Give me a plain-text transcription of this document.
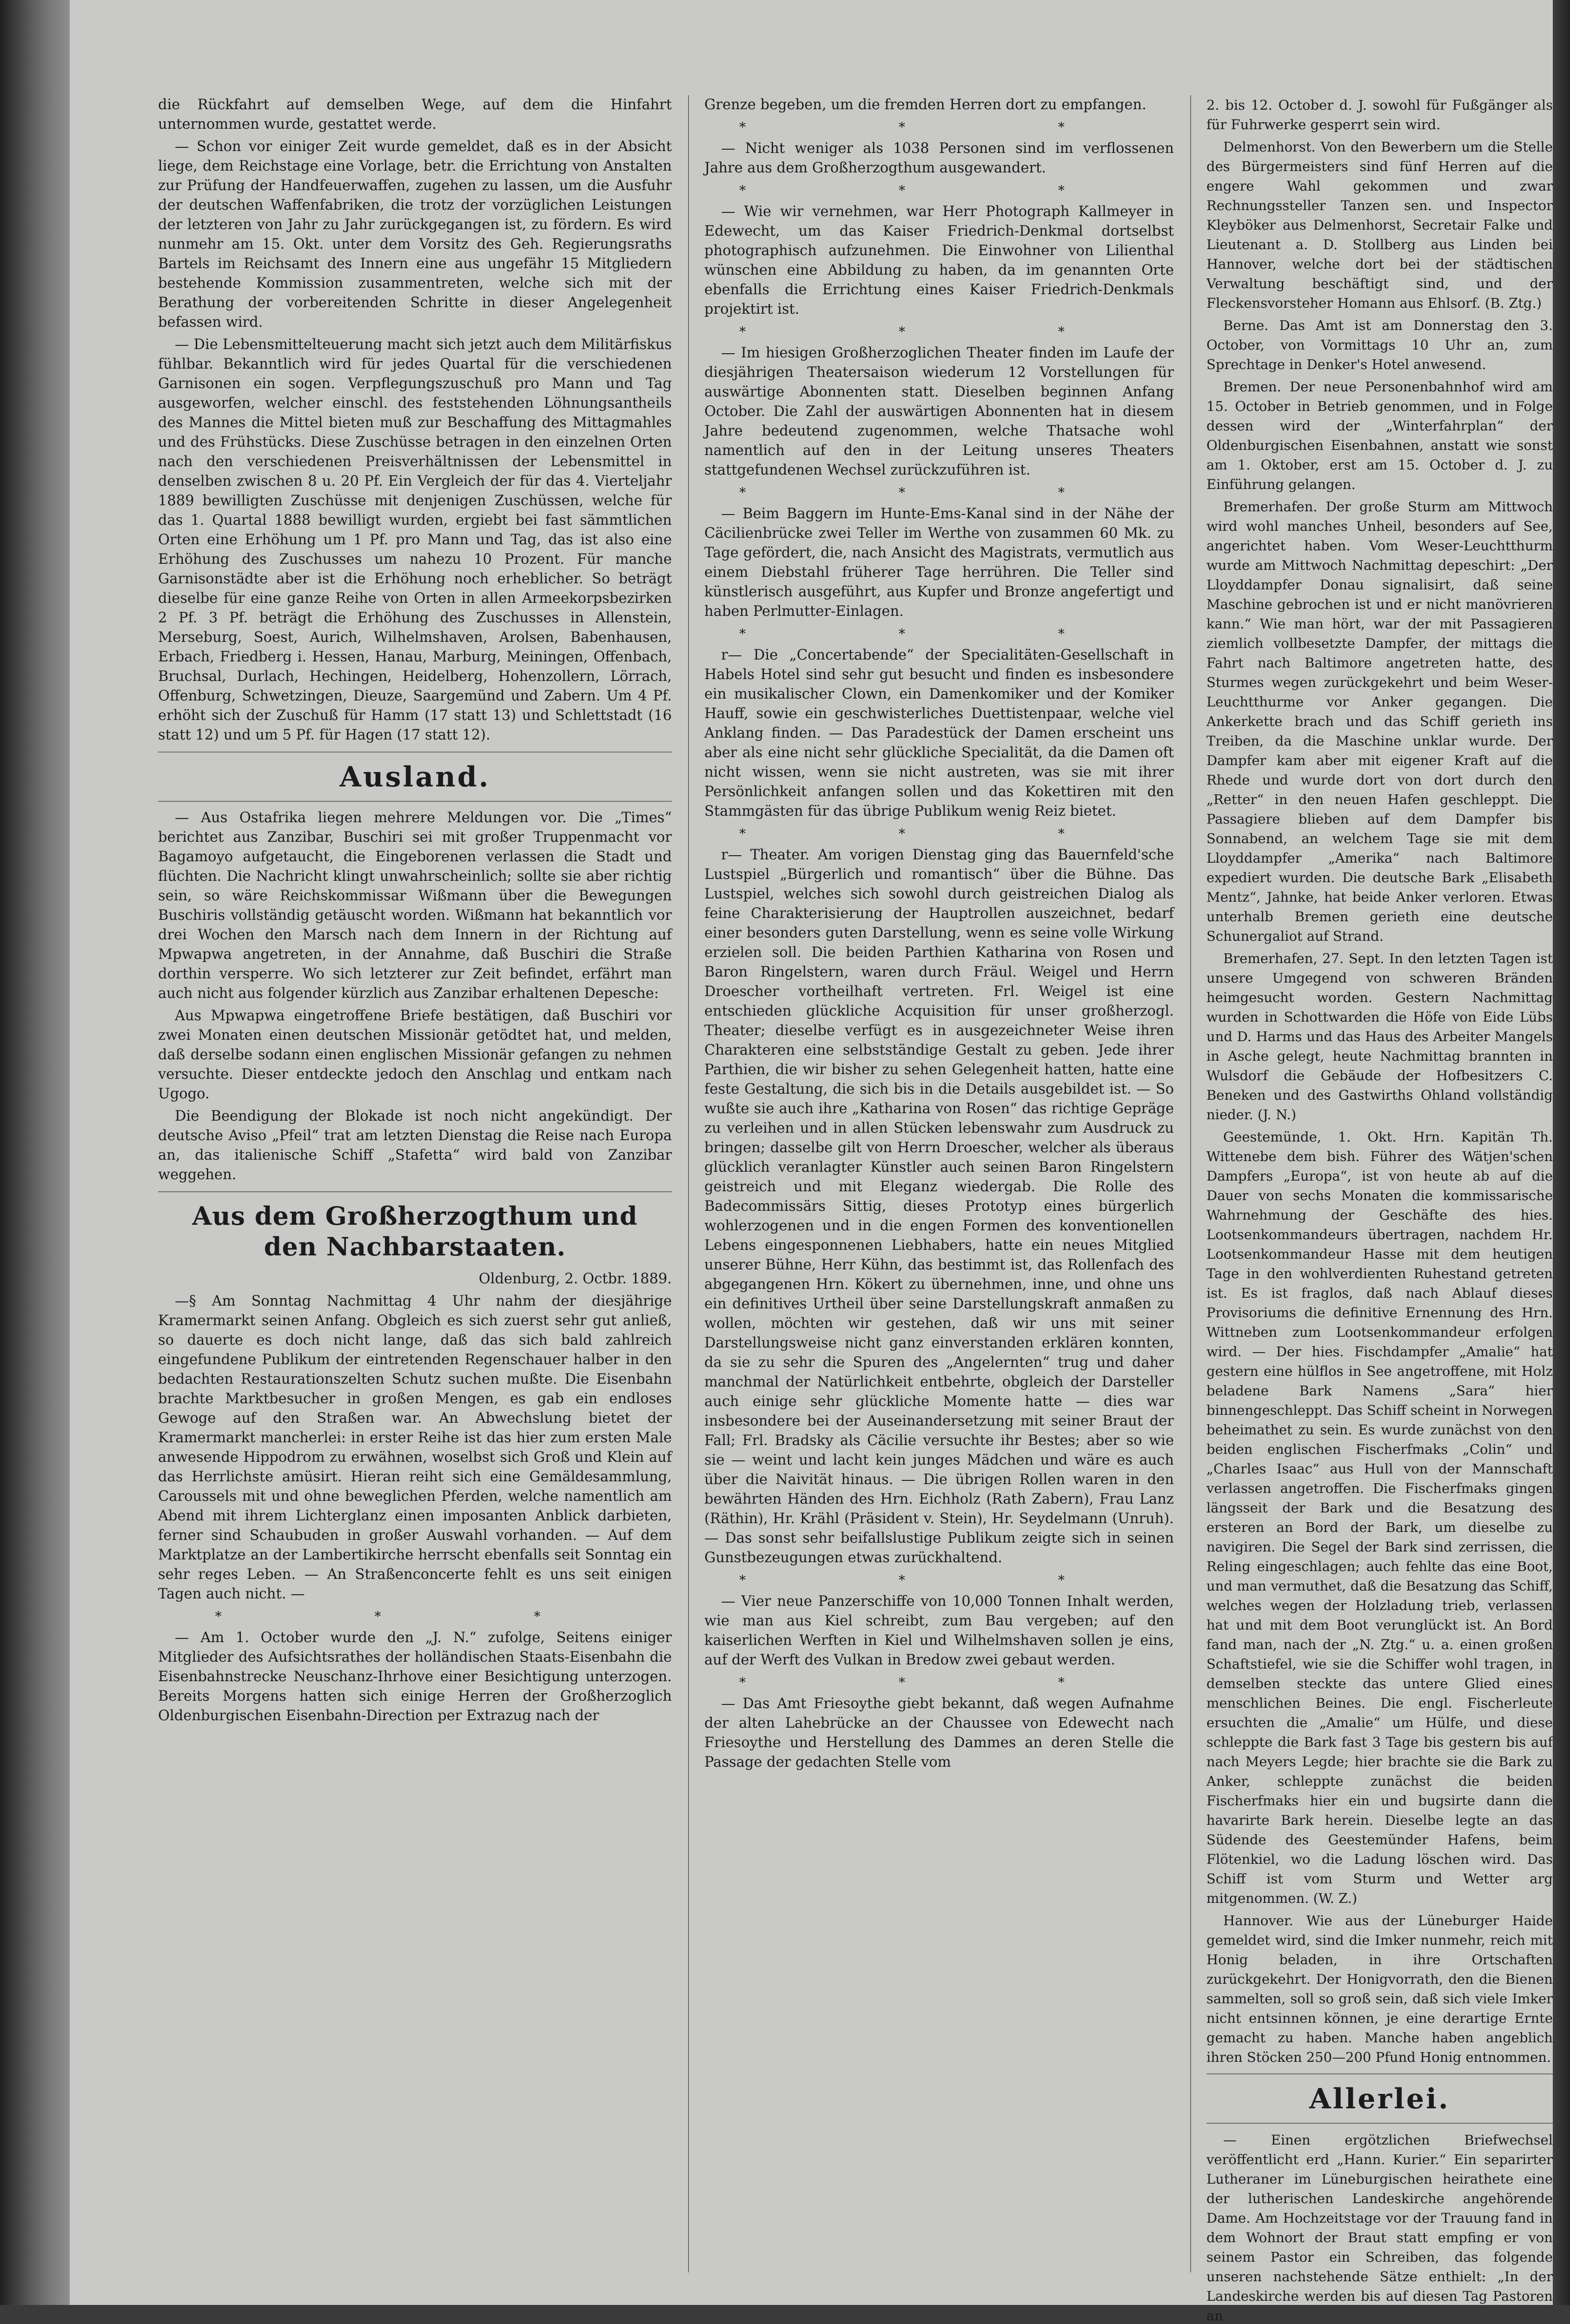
die Rückfahrt auf demselben Wege, auf dem die Hinfahrt unternommen wurde, gestattet werde.

— Schon vor einiger Zeit wurde gemeldet, daß es in der Absicht liege, dem Reichstage eine Vorlage, betr. die Errichtung von Anstalten zur Prüfung der Handfeuerwaffen, zugehen zu lassen, um die Ausfuhr der deutschen Waffenfabriken, die trotz der vorzüglichen Leistungen der letzteren von Jahr zu Jahr zurückgegangen ist, zu fördern. Es wird nunmehr am 15. Okt. unter dem Vorsitz des Geh. Regierungsraths Bartels im Reichsamt des Innern eine aus ungefähr 15 Mitgliedern bestehende Kommission zusammentreten, welche sich mit der Berathung der vorbereitenden Schritte in dieser Angelegenheit befassen wird.

— Die Lebensmittelteuerung macht sich jetzt auch dem Militärfiskus fühlbar. Bekanntlich wird für jedes Quartal für die verschiedenen Garnisonen ein sogen. Verpflegungszuschuß pro Mann und Tag ausgeworfen, welcher einschl. des feststehenden Löhnungsantheils des Mannes die Mittel bieten muß zur Beschaffung des Mittagmahles und des Frühstücks. Diese Zuschüsse betragen in den einzelnen Orten nach den verschiedenen Preisverhältnissen der Lebensmittel in denselben zwischen 8 u. 20 Pf. Ein Vergleich der für das 4. Vierteljahr 1889 bewilligten Zuschüsse mit denjenigen Zuschüssen, welche für das 1. Quartal 1888 bewilligt wurden, ergiebt bei fast sämmtlichen Orten eine Erhöhung um 1 Pf. pro Mann und Tag, das ist also eine Erhöhung des Zuschusses um nahezu 10 Prozent. Für manche Garnisonstädte aber ist die Erhöhung noch erheblicher. So beträgt dieselbe für eine ganze Reihe von Orten in allen Armeekorpsbezirken 2 Pf. 3 Pf. beträgt die Erhöhung des Zuschusses in Allenstein, Merseburg, Soest, Aurich, Wilhelmshaven, Arolsen, Babenhausen, Erbach, Friedberg i. Hessen, Hanau, Marburg, Meiningen, Offenbach, Bruchsal, Durlach, Hechingen, Heidelberg, Hohenzollern, Lörrach, Offenburg, Schwetzingen, Dieuze, Saargemünd und Zabern. Um 4 Pf. erhöht sich der Zuschuß für Hamm (17 statt 13) und Schlettstadt (16 statt 12) und um 5 Pf. für Hagen (17 statt 12).

Ausland.

— Aus Ostafrika liegen mehrere Meldungen vor. Die „Times“ berichtet aus Zanzibar, Buschiri sei mit großer Truppenmacht vor Bagamoyo aufgetaucht, die Eingeborenen verlassen die Stadt und flüchten. Die Nachricht klingt unwahrscheinlich; sollte sie aber richtig sein, so wäre Reichskommissar Wißmann über die Bewegungen Buschiris vollständig getäuscht worden. Wißmann hat bekanntlich vor drei Wochen den Marsch nach dem Innern in der Richtung auf Mpwapwa angetreten, in der Annahme, daß Buschiri die Straße dorthin versperre. Wo sich letzterer zur Zeit befindet, erfährt man auch nicht aus folgender kürzlich aus Zanzibar erhaltenen Depesche:

Aus Mpwapwa eingetroffene Briefe bestätigen, daß Buschiri vor zwei Monaten einen deutschen Missionär getödtet hat, und melden, daß derselbe sodann einen englischen Missionär gefangen zu nehmen versuchte. Dieser entdeckte jedoch den Anschlag und entkam nach Ugogo.

Die Beendigung der Blokade ist noch nicht angekündigt. Der deutsche Aviso „Pfeil“ trat am letzten Dienstag die Reise nach Europa an, das italienische Schiff „Stafetta“ wird bald von Zanzibar weggehen.

Aus dem Großherzogthum und
den Nachbarstaaten.
Oldenburg, 2. Octbr. 1889.

—§ Am Sonntag Nachmittag 4 Uhr nahm der diesjährige Kramermarkt seinen Anfang. Obgleich es sich zuerst sehr gut anließ, so dauerte es doch nicht lange, daß das sich bald zahlreich eingefundene Publikum der eintretenden Regenschauer halber in den bedachten Restaurationszelten Schutz suchen mußte. Die Eisenbahn brachte Marktbesucher in großen Mengen, es gab ein endloses Gewoge auf den Straßen war. An Abwechslung bietet der Kramermarkt mancherlei: in erster Reihe ist das hier zum ersten Male anwesende Hippodrom zu erwähnen, woselbst sich Groß und Klein auf das Herrlichste amüsirt. Hieran reiht sich eine Gemäldesammlung, Caroussels mit und ohne beweglichen Pferden, welche namentlich am Abend mit ihrem Lichterglanz einen imposanten Anblick darbieten, ferner sind Schaubuden in großer Auswahl vorhanden. — Auf dem Marktplatze an der Lambertikirche herrscht ebenfalls seit Sonntag ein sehr reges Leben. — An Straßenconcerte fehlt es uns seit einigen Tagen auch nicht. —

* * *

— Am 1. October wurde den „J. N.“ zufolge, Seitens einiger Mitglieder des Aufsichtsrathes der holländischen Staats-Eisenbahn die Eisenbahnstrecke Neuschanz-Ihrhove einer Besichtigung unterzogen. Bereits Morgens hatten sich einige Herren der Großherzoglich Oldenburgischen Eisenbahn-Direction per Extrazug nach der

Grenze begeben, um die fremden Herren dort zu empfangen.

* * *

— Nicht weniger als 1038 Personen sind im verflossenen Jahre aus dem Großherzogthum ausgewandert.

* * *

— Wie wir vernehmen, war Herr Photograph Kallmeyer in Edewecht, um das Kaiser Friedrich-Denkmal dortselbst photographisch aufzunehmen. Die Einwohner von Lilienthal wünschen eine Abbildung zu haben, da im genannten Orte ebenfalls die Errichtung eines Kaiser Friedrich-Denkmals projektirt ist.

* * *

— Im hiesigen Großherzoglichen Theater finden im Laufe der diesjährigen Theatersaison wiederum 12 Vorstellungen für auswärtige Abonnenten statt. Dieselben beginnen Anfang October. Die Zahl der auswärtigen Abonnenten hat in diesem Jahre bedeutend zugenommen, welche Thatsache wohl namentlich auf den in der Leitung unseres Theaters stattgefundenen Wechsel zurückzuführen ist.

* * *

— Beim Baggern im Hunte-Ems-Kanal sind in der Nähe der Cäcilienbrücke zwei Teller im Werthe von zusammen 60 Mk. zu Tage gefördert, die, nach Ansicht des Magistrats, vermutlich aus einem Diebstahl früherer Tage herrühren. Die Teller sind künstlerisch ausgeführt, aus Kupfer und Bronze angefertigt und haben Perlmutter-Einlagen.

* * *

r— Die „Concertabende“ der Specialitäten-Gesellschaft in Habels Hotel sind sehr gut besucht und finden es insbesondere ein musikalischer Clown, ein Damenkomiker und der Komiker Hauff, sowie ein geschwisterliches Duettistenpaar, welche viel Anklang finden. — Das Paradestück der Damen erscheint uns aber als eine nicht sehr glückliche Specialität, da die Damen oft nicht wissen, wenn sie nicht austreten, was sie mit ihrer Persönlichkeit anfangen sollen und das Kokettiren mit den Stammgästen für das übrige Publikum wenig Reiz bietet.

* * *

r— Theater. Am vorigen Dienstag ging das Bauernfeld'sche Lustspiel „Bürgerlich und romantisch“ über die Bühne. Das Lustspiel, welches sich sowohl durch geistreichen Dialog als feine Charakterisierung der Hauptrollen auszeichnet, bedarf einer besonders guten Darstellung, wenn es seine volle Wirkung erzielen soll. Die beiden Parthien Katharina von Rosen und Baron Ringelstern, waren durch Fräul. Weigel und Herrn Droescher vortheilhaft vertreten. Frl. Weigel ist eine entschieden glückliche Acquisition für unser großherzogl. Theater; dieselbe verfügt es in ausgezeichneter Weise ihren Charakteren eine selbstständige Gestalt zu geben. Jede ihrer Parthien, die wir bisher zu sehen Gelegenheit hatten, hatte eine feste Gestaltung, die sich bis in die Details ausgebildet ist. — So wußte sie auch ihre „Katharina von Rosen“ das richtige Gepräge zu verleihen und in allen Stücken lebenswahr zum Ausdruck zu bringen; dasselbe gilt von Herrn Droescher, welcher als überaus glücklich veranlagter Künstler auch seinen Baron Ringelstern geistreich und mit Eleganz wiedergab. Die Rolle des Badecommissärs Sittig, dieses Prototyp eines bürgerlich wohlerzogenen und in die engen Formen des konventionellen Lebens eingesponnenen Liebhabers, hatte ein neues Mitglied unserer Bühne, Herr Kühn, das bestimmt ist, das Rollenfach des abgegangenen Hrn. Kökert zu übernehmen, inne, und ohne uns ein definitives Urtheil über seine Darstellungskraft anmaßen zu wollen, möchten wir gestehen, daß wir uns mit seiner Darstellungsweise nicht ganz einverstanden erklären konnten, da sie zu sehr die Spuren des „Angelernten“ trug und daher manchmal der Natürlichkeit entbehrte, obgleich der Darsteller auch einige sehr glückliche Momente hatte — dies war insbesondere bei der Auseinandersetzung mit seiner Braut der Fall; Frl. Bradsky als Cäcilie versuchte ihr Bestes; aber so wie sie — weint und lacht kein junges Mädchen und wäre es auch über die Naivität hinaus. — Die übrigen Rollen waren in den bewährten Händen des Hrn. Eichholz (Rath Zabern), Frau Lanz (Räthin), Hr. Krähl (Präsident v. Stein), Hr. Seydelmann (Unruh). — Das sonst sehr beifallslustige Publikum zeigte sich in seinen Gunstbezeugungen etwas zurückhaltend.

* * *

— Vier neue Panzerschiffe von 10,000 Tonnen Inhalt werden, wie man aus Kiel schreibt, zum Bau vergeben; auf den kaiserlichen Werften in Kiel und Wilhelmshaven sollen je eins, auf der Werft des Vulkan in Bredow zwei gebaut werden.

* * *

— Das Amt Friesoythe giebt bekannt, daß wegen Aufnahme der alten Lahebrücke an der Chaussee von Edewecht nach Friesoythe und Herstellung des Dammes an deren Stelle die Passage der gedachten Stelle vom

2. bis 12. October d. J. sowohl für Fußgänger als für Fuhrwerke gesperrt sein wird.

Delmenhorst. Von den Bewerbern um die Stelle des Bürgermeisters sind fünf Herren auf die engere Wahl gekommen und zwar Rechnungssteller Tanzen sen. und Inspector Kleyböker aus Delmenhorst, Secretair Falke und Lieutenant a. D. Stollberg aus Linden bei Hannover, welche dort bei der städtischen Verwaltung beschäftigt sind, und der Fleckensvorsteher Homann aus Ehlsorf. (B. Ztg.)

Berne. Das Amt ist am Donnerstag den 3. October, von Vormittags 10 Uhr an, zum Sprechtage in Denker's Hotel anwesend.

Bremen. Der neue Personenbahnhof wird am 15. October in Betrieb genommen, und in Folge dessen wird der „Winterfahrplan“ der Oldenburgischen Eisenbahnen, anstatt wie sonst am 1. Oktober, erst am 15. October d. J. zu Einführung gelangen.

Bremerhafen. Der große Sturm am Mittwoch wird wohl manches Unheil, besonders auf See, angerichtet haben. Vom Weser-Leuchtthurm wurde am Mittwoch Nachmittag depeschirt: „Der Lloyddampfer Donau signalisirt, daß seine Maschine gebrochen ist und er nicht manövrieren kann.“ Wie man hört, war der mit Passagieren ziemlich vollbesetzte Dampfer, der mittags die Fahrt nach Baltimore angetreten hatte, des Sturmes wegen zurückgekehrt und beim Weser-Leuchtthurme vor Anker gegangen. Die Ankerkette brach und das Schiff gerieth ins Treiben, da die Maschine unklar wurde. Der Dampfer kam aber mit eigener Kraft auf die Rhede und wurde dort von dort durch den „Retter“ in den neuen Hafen geschleppt. Die Passagiere blieben auf dem Dampfer bis Sonnabend, an welchem Tage sie mit dem Lloyddampfer „Amerika“ nach Baltimore expediert wurden. Die deutsche Bark „Elisabeth Mentz“, Jahnke, hat beide Anker verloren. Etwas unterhalb Bremen gerieth eine deutsche Schunergaliot auf Strand.

Bremerhafen, 27. Sept. In den letzten Tagen ist unsere Umgegend von schweren Bränden heimgesucht worden. Gestern Nachmittag wurden in Schottwarden die Höfe von Eide Lübs und D. Harms und das Haus des Arbeiter Mangels in Asche gelegt, heute Nachmittag brannten in Wulsdorf die Gebäude der Hofbesitzers C. Beneken und des Gastwirths Ohland vollständig nieder. (J. N.)

Geestemünde, 1. Okt. Hrn. Kapitän Th. Wittenebe dem bish. Führer des Wätjen'schen Dampfers „Europa“, ist von heute ab auf die Dauer von sechs Monaten die kommissarische Wahrnehmung der Geschäfte des hies. Lootsenkommandeurs übertragen, nachdem Hr. Lootsenkommandeur Hasse mit dem heutigen Tage in den wohlverdienten Ruhestand getreten ist. Es ist fraglos, daß nach Ablauf dieses Provisoriums die definitive Ernennung des Hrn. Wittneben zum Lootsenkommandeur erfolgen wird. — Der hies. Fischdampfer „Amalie“ hat gestern eine hülflos in See angetroffene, mit Holz beladene Bark Namens „Sara“ hier binnengeschleppt. Das Schiff scheint in Norwegen beheimathet zu sein. Es wurde zunächst von den beiden englischen Fischerfmaks „Colin“ und „Charles Isaac“ aus Hull von der Mannschaft verlassen angetroffen. Die Fischerfmaks gingen längsseit der Bark und die Besatzung des ersteren an Bord der Bark, um dieselbe zu navigiren. Die Segel der Bark sind zerrissen, die Reling eingeschlagen; auch fehlte das eine Boot, und man vermuthet, daß die Besatzung das Schiff, welches wegen der Holzladung trieb, verlassen hat und mit dem Boot verunglückt ist. An Bord fand man, nach der „N. Ztg.“ u. a. einen großen Schaftstiefel, wie sie die Schiffer wohl tragen, in demselben steckte das untere Glied eines menschlichen Beines. Die engl. Fischerleute ersuchten die „Amalie“ um Hülfe, und diese schleppte die Bark fast 3 Tage bis gestern bis auf nach Meyers Legde; hier brachte sie die Bark zu Anker, schleppte zunächst die beiden Fischerfmaks hier ein und bugsirte dann die havarirte Bark herein. Dieselbe legte an das Südende des Geestemünder Hafens, beim Flötenkiel, wo die Ladung löschen wird. Das Schiff ist vom Sturm und Wetter arg mitgenommen. (W. Z.)

Hannover. Wie aus der Lüneburger Haide gemeldet wird, sind die Imker nunmehr, reich mit Honig beladen, in ihre Ortschaften zurückgekehrt. Der Honigvorrath, den die Bienen sammelten, soll so groß sein, daß sich viele Imker nicht entsinnen können, je eine derartige Ernte gemacht zu haben. Manche haben angeblich ihren Stöcken 250—200 Pfund Honig entnommen.

Allerlei.

— Einen ergötzlichen Briefwechsel veröffentlicht erd „Hann. Kurier.“ Ein separirter Lutheraner im Lüneburgischen heirathete eine der lutherischen Landeskirche angehörende Dame. Am Hochzeitstage vor der Trauung fand in dem Wohnort der Braut statt empfing er von seinem Pastor ein Schreiben, das folgende unseren nachstehende Sätze enthielt: „In der Landeskirche werden bis auf diesen Tag Pastoren an
